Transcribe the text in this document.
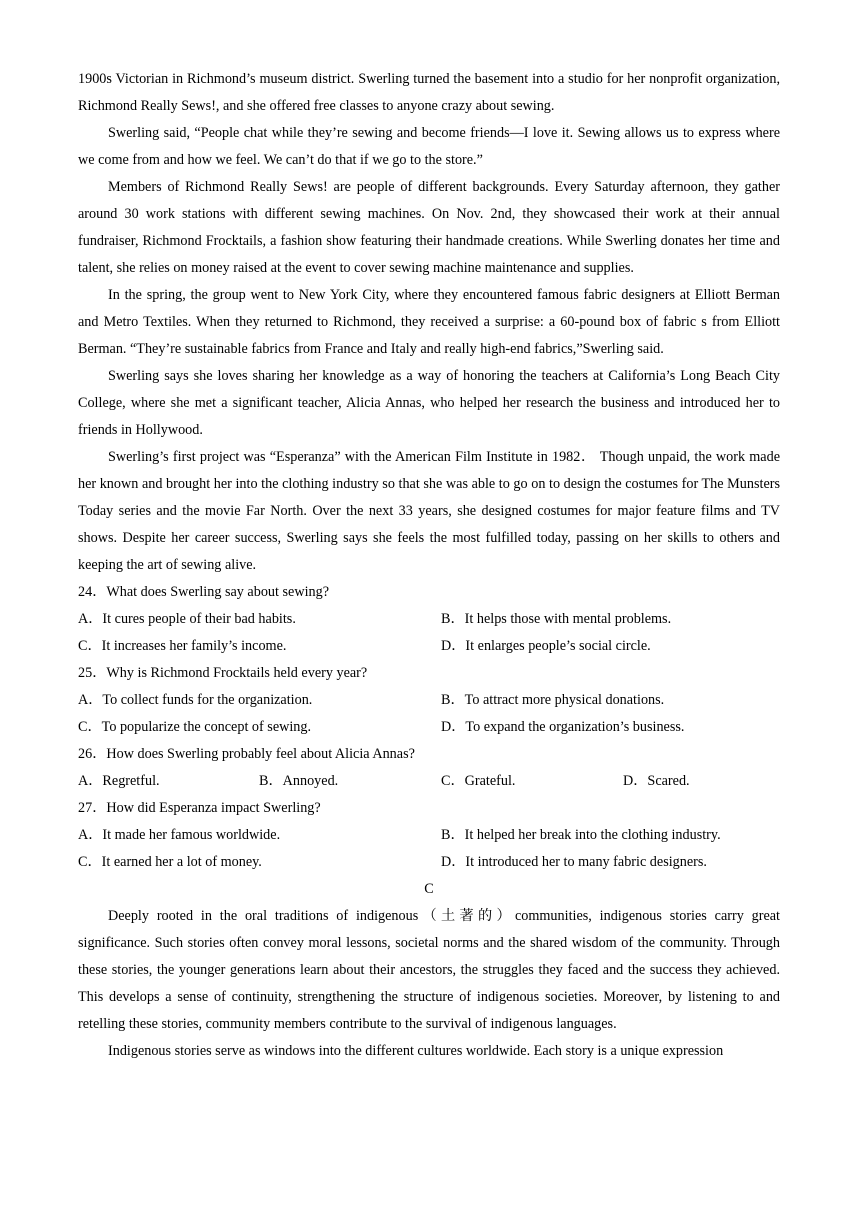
1900s Victorian in Richmond’s museum district. Swerling turned the basement into a studio for her nonprofit organization, Richmond Really Sews!, and she offered free classes to anyone crazy about sewing.

Swerling said, “People chat while they’re sewing and become friends—I love it. Sewing allows us to express where we come from and how we feel. We can’t do that if we go to the store.”

Members of Richmond Really Sews! are people of different backgrounds. Every Saturday afternoon, they gather around 30 work stations with different sewing machines. On Nov. 2nd, they showcased their work at their annual fundraiser, Richmond Frocktails, a fashion show featuring their handmade creations. While Swerling donates her time and talent, she relies on money raised at the event to cover sewing machine maintenance and supplies.

In the spring, the group went to New York City, where they encountered famous fabric designers at Elliott Berman and Metro Textiles. When they returned to Richmond, they received a surprise: a 60-pound box of fabric s from Elliott Berman. “They’re sustainable fabrics from France and Italy and really high-end fabrics,”Swerling said.

Swerling says she loves sharing her knowledge as a way of honoring the teachers at California’s Long Beach City College, where she met a significant teacher, Alicia Annas, who helped her research the business and introduced her to friends in Hollywood.

Swerling’s first project was “Esperanza” with the American Film Institute in 1982． Though unpaid, the work made her known and brought her into the clothing industry so that she was able to go on to design the costumes for The Munsters Today series and the movie Far North. Over the next 33 years, she designed costumes for major feature films and TV shows. Despite her career success, Swerling says she feels the most fulfilled today, passing on her skills to others and keeping the art of sewing alive.

24．What does Swerling say about sewing?
A．It cures people of their bad habits.	B．It helps those with mental problems.
C．It increases her family’s income.	D．It enlarges people’s social circle.
25．Why is Richmond Frocktails held every year?
A．To collect funds for the organization.	B．To attract more physical donations.
C．To popularize the concept of sewing.	D．To expand the organization’s business.
26．How does Swerling probably feel about Alicia Annas?
A．Regretful.	B．Annoyed.	C．Grateful.	D．Scared.
27．How did Esperanza impact Swerling?
A．It made her famous worldwide.	B．It helped her break into the clothing industry.
C．It earned her a lot of money.	D．It introduced her to many fabric designers.
C

Deeply rooted in the oral traditions of indigenous（土著的）communities, indigenous stories carry great significance. Such stories often convey moral lessons, societal norms and the shared wisdom of the community. Through these stories, the younger generations learn about their ancestors, the struggles they faced and the success they achieved. This develops a sense of continuity, strengthening the structure of indigenous societies. Moreover, by listening to and retelling these stories, community members contribute to the survival of indigenous languages.

Indigenous stories serve as windows into the different cultures worldwide. Each story is a unique expression
